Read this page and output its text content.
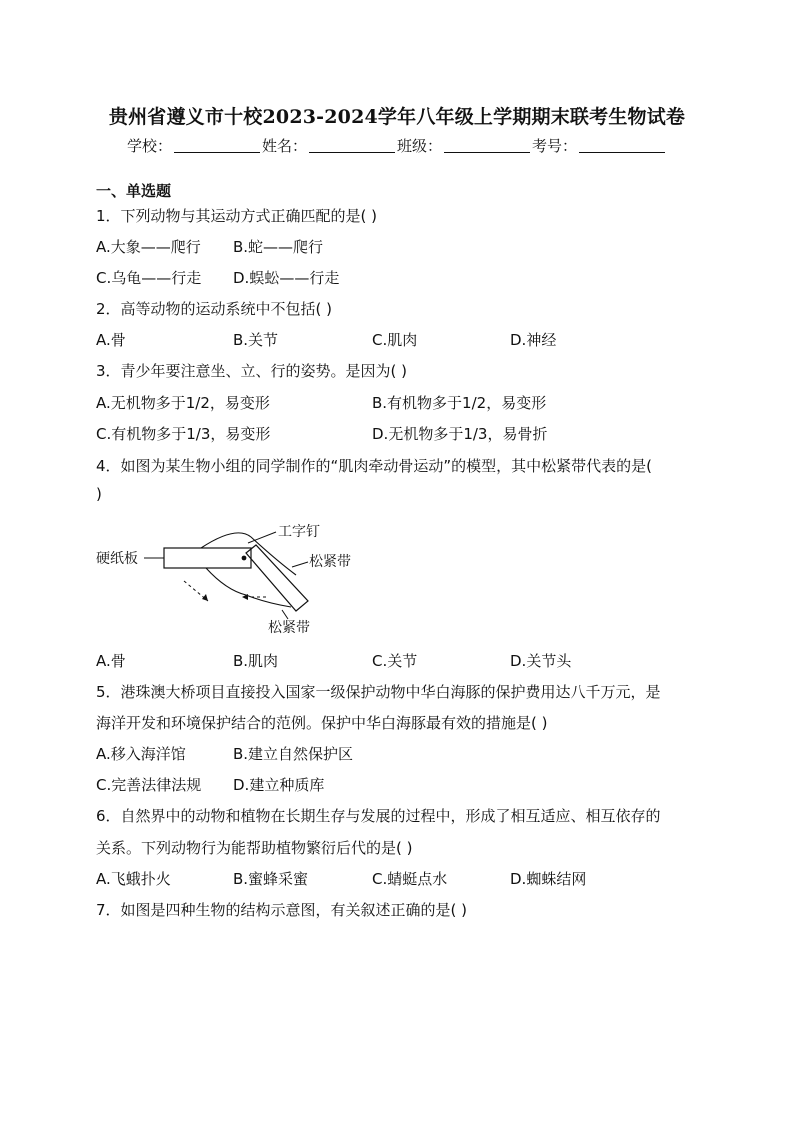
贵州省遵义市十校2023-2024学年八年级上学期期末联考生物试卷
学校：	姓名：	班级：	考号：
一、单选题
1．下列动物与其运动方式正确匹配的是( )
A.大象——爬行 B.蛇——爬行
C.乌龟——行走 D.蜈蚣——行走
2．高等动物的运动系统中不包括( )
A.骨	B.关节	C.肌肉	D.神经
3．青少年要注意坐、立、行的姿势。是因为( )
A.无机物多于1/2，易变形	B.有机物多于1/2，易变形
C.有机物多于1/3，易变形	D.无机物多于1/3，易骨折
4．如图为某生物小组的同学制作的“肌肉牵动骨运动”的模型，其中松紧带代表的是(
)
硬纸板
工字钉
松紧带
松紧带
A.骨	B.肌肉	C.关节	D.关节头
5．港珠澳大桥项目直接投入国家一级保护动物中华白海豚的保护费用达八千万元，是
海洋开发和环境保护结合的范例。保护中华白海豚最有效的措施是( )
A.移入海洋馆	B.建立自然保护区
C.完善法律法规 D.建立种质库
6．自然界中的动物和植物在长期生存与发展的过程中，形成了相互适应、相互依存的
关系。下列动物行为能帮助植物繁衍后代的是( )
A.飞蛾扑火	B.蜜蜂采蜜	C.蜻蜓点水	D.蜘蛛结网
7．如图是四种生物的结构示意图，有关叙述正确的是( )
